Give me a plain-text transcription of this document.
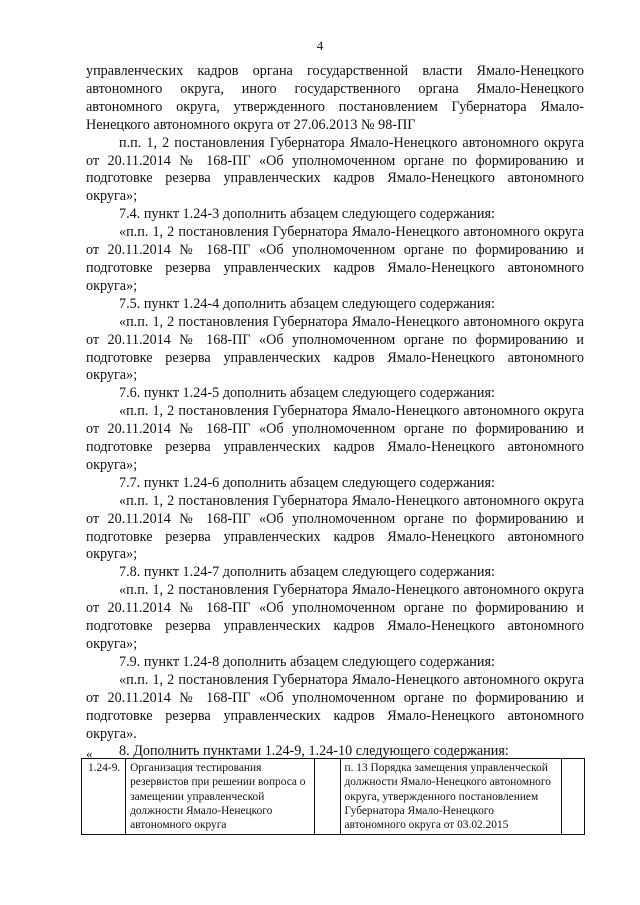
4

управленческих кадров органа государственной власти Ямало-Ненецкого автономного округа, иного государственного органа Ямало-Ненецкого автономного округа, утвержденного постановлением Губернатора Ямало-Ненецкого автономного округа от 27.06.2013 № 98-ПГ

п.п. 1, 2 постановления Губернатора Ямало-Ненецкого автономного округа от 20.11.2014 № 168-ПГ «Об уполномоченном органе по формированию и подготовке резерва управленческих кадров Ямало-Ненецкого автономного округа»;

7.4. пункт 1.24-3 дополнить абзацем следующего содержания:

«п.п. 1, 2 постановления Губернатора Ямало-Ненецкого автономного округа от 20.11.2014 № 168-ПГ «Об уполномоченном органе по формированию и подготовке резерва управленческих кадров Ямало-Ненецкого автономного округа»;

7.5. пункт 1.24-4 дополнить абзацем следующего содержания:

«п.п. 1, 2 постановления Губернатора Ямало-Ненецкого автономного округа от 20.11.2014 № 168-ПГ «Об уполномоченном органе по формированию и подготовке резерва управленческих кадров Ямало-Ненецкого автономного округа»;

7.6. пункт 1.24-5 дополнить абзацем следующего содержания:

«п.п. 1, 2 постановления Губернатора Ямало-Ненецкого автономного округа от 20.11.2014 № 168-ПГ «Об уполномоченном органе по формированию и подготовке резерва управленческих кадров Ямало-Ненецкого автономного округа»;

7.7. пункт 1.24-6 дополнить абзацем следующего содержания:

«п.п. 1, 2 постановления Губернатора Ямало-Ненецкого автономного округа от 20.11.2014 № 168-ПГ «Об уполномоченном органе по формированию и подготовке резерва управленческих кадров Ямало-Ненецкого автономного округа»;

7.8. пункт 1.24-7 дополнить абзацем следующего содержания:

«п.п. 1, 2 постановления Губернатора Ямало-Ненецкого автономного округа от 20.11.2014 № 168-ПГ «Об уполномоченном органе по формированию и подготовке резерва управленческих кадров Ямало-Ненецкого автономного округа»;

7.9. пункт 1.24-8 дополнить абзацем следующего содержания:

«п.п. 1, 2 постановления Губернатора Ямало-Ненецкого автономного округа от 20.11.2014 № 168-ПГ «Об уполномоченном органе по формированию и подготовке резерва управленческих кадров Ямало-Ненецкого автономного округа».

8. Дополнить пунктами 1.24-9, 1.24-10 следующего содержания:

«
1.24-9.	Организация тестирования резервистов при решении вопроса о замещении управленческой должности Ямало-Ненецкого автономного округа		п. 13 Порядка замещения управленческой должности Ямало-Ненецкого автономного округа, утвержденного постановлением Губернатора Ямало-Ненецкого автономного округа от 03.02.2015	
